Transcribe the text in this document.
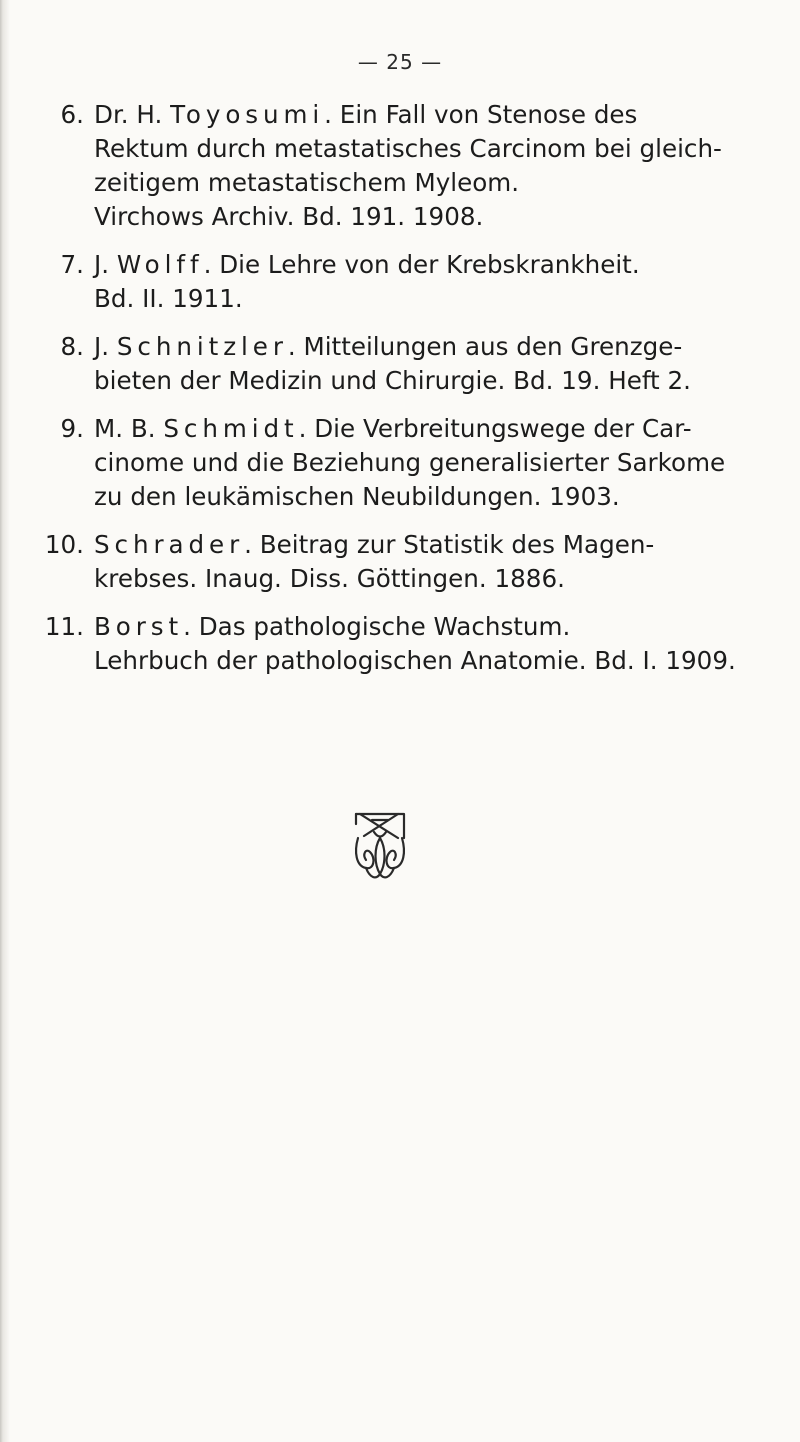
— 25 —
6. Dr. H. Toyosumi. Ein Fall von Stenose des
Rektum durch metastatisches Carcinom bei gleich-
zeitigem metastatischem Myleom.
Virchows Archiv. Bd. 191. 1908.
7. J. Wolff. Die Lehre von der Krebskrankheit.
Bd. II. 1911.
8. J. Schnitzler. Mitteilungen aus den Grenzge-
bieten der Medizin und Chirurgie. Bd. 19. Heft 2.
9. M. B. Schmidt. Die Verbreitungswege der Car-
cinome und die Beziehung generalisierter Sarkome
zu den leukämischen Neubildungen. 1903.
10. Schrader. Beitrag zur Statistik des Magen-
krebses. Inaug. Diss. Göttingen. 1886.
11. Borst. Das pathologische Wachstum.
Lehrbuch der pathologischen Anatomie. Bd. I. 1909.
